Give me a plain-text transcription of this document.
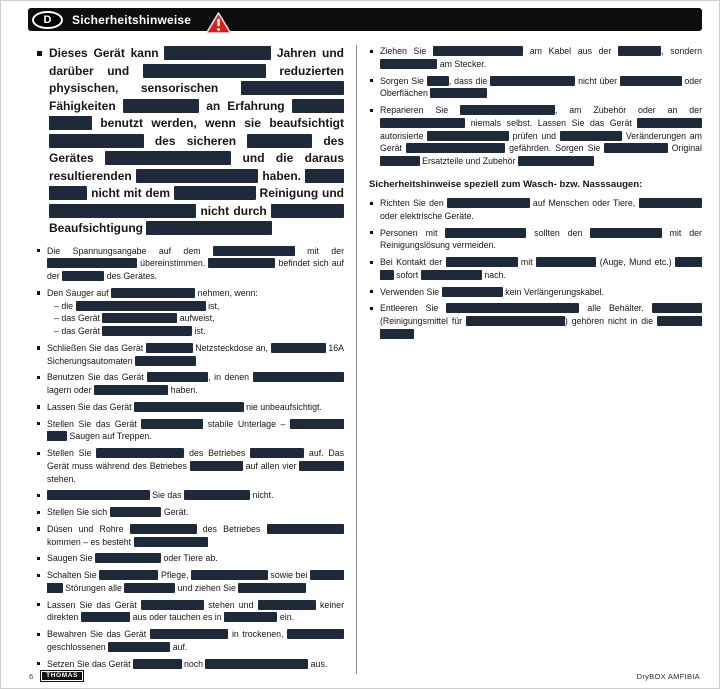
D Sicherheitshinweise
Dieses Gerät kann von Kindern ab 8 Jahren und darüber und von Personen mit reduzierten physischen, sensorischen oder mentalen Fähigkeiten oder Mangel an Erfahrung und/oder Wissen benutzt werden, wenn sie beaufsichtigt oder bezüglich des sicheren Gebrauchs des Gerätes unterwiesen wurden und die daraus resultierenden Gefahren verstanden haben. Kinder dürfen nicht mit dem Gerät spielen. Reinigung und Benutzer-Wartung dürfen nicht durch Kinder ohne Beaufsichtigung durchgeführt werden.
Die Spannungsangabe auf dem Typenschild muss mit der Versorgungsspannung übereinstimmen. Das Typenschild befindet sich auf der Unterseite des Gerätes.
Den Sauger auf keinen Fall in Betrieb nehmen, wenn:
– die Netzanschlussleitung beschädigt ist,
– das Gerät sichtbare Schäden aufweist,
– das Gerät zuvor heruntergefallen ist.
Schließen Sie das Gerät nur an eine Netzsteckdose an, die mit einem 16A Sicherungsautomaten abgesichert ist.
Benutzen Sie das Gerät nie in Räumen, in denen feuergefährliche Stoffe lagern oder sich Gase gebildet haben.
Lassen Sie das Gerät im eingeschalteten Zustand nie unbeaufsichtigt.
Stellen Sie das Gerät auf eine feste, stabile Unterlage – insbesondere beim Saugen auf Treppen.
Stellen Sie den Sauger während des Betriebes nie hochkant auf. Das Gerät muss während des Betriebes immer sicher auf allen vier Laufrädern stehen.
Überdehnen oder knicken Sie das Schlauchsystem nicht.
Stellen Sie sich nicht auf das Gerät.
Düsen und Rohre dürfen während des Betriebes nicht in Kopfnähe kommen – es besteht Verletzungsgefahr.
Saugen Sie keine Menschen oder Tiere ab.
Schalten Sie vor Reinigung, Pflege, Befüllen, Entleeren sowie bei Wartung und Störungen alle Schalter aus und ziehen Sie den Netzstecker.
Lassen Sie das Gerät nicht im Freien stehen und setzen Sie es keiner direkten Feuchtigkeit aus oder tauchen es in Flüssigkeiten ein.
Bewahren Sie das Gerät sowie das Zubehör in trockenen, sauberen und geschlossenen Räumlichkeiten auf.
Setzen Sie das Gerät weder Hitze noch chemischen Flüssigkeiten aus.
Ziehen Sie niemals den Stecker am Kabel aus der Steckdose, sondern ausschließlich am Stecker.
Sorgen Sie dafür, dass die Netzanschlussleitung nicht über scharfe Kanten oder Oberflächen gezogen wird.
Reparieren Sie Schäden am Gerät, am Zubehör oder an der Netzanschlussleitung niemals selbst. Lassen Sie das Gerät nur durch eine autorisierte Kundendienststation prüfen und instand setzen. Veränderungen am Gerät können Ihre Gesundheit gefährden. Sorgen Sie dafür, dass nur Original THOMAS Ersatzteile und Zubehör verwendet werden.
Sicherheitshinweise speziell zum Wasch- bzw. Nasssaugen:
Richten Sie den Reinigungsstrahl nie auf Menschen oder Tiere, auf Steckdosen oder elektrische Geräte.
Personen mit empfindlicher Haut sollten den direkten Kontakt mit der Reinigungslösung vermeiden.
Bei Kontakt der Reinigungslösung mit Schleimhäuten (Auge, Mund etc.) spülen Sie sofort mit viel Wasser nach.
Verwenden Sie in Nassräumen kein Verlängerungskabel.
Entleeren Sie nach dem Nass-/Feuchtbetrieb alle Behälter. Chemikalien (Reinigungsmittel für Hart- und Teppichböden) gehören nicht in die Hände von Kindern.
6	THOMAS	DryBOX AMFIBIA
